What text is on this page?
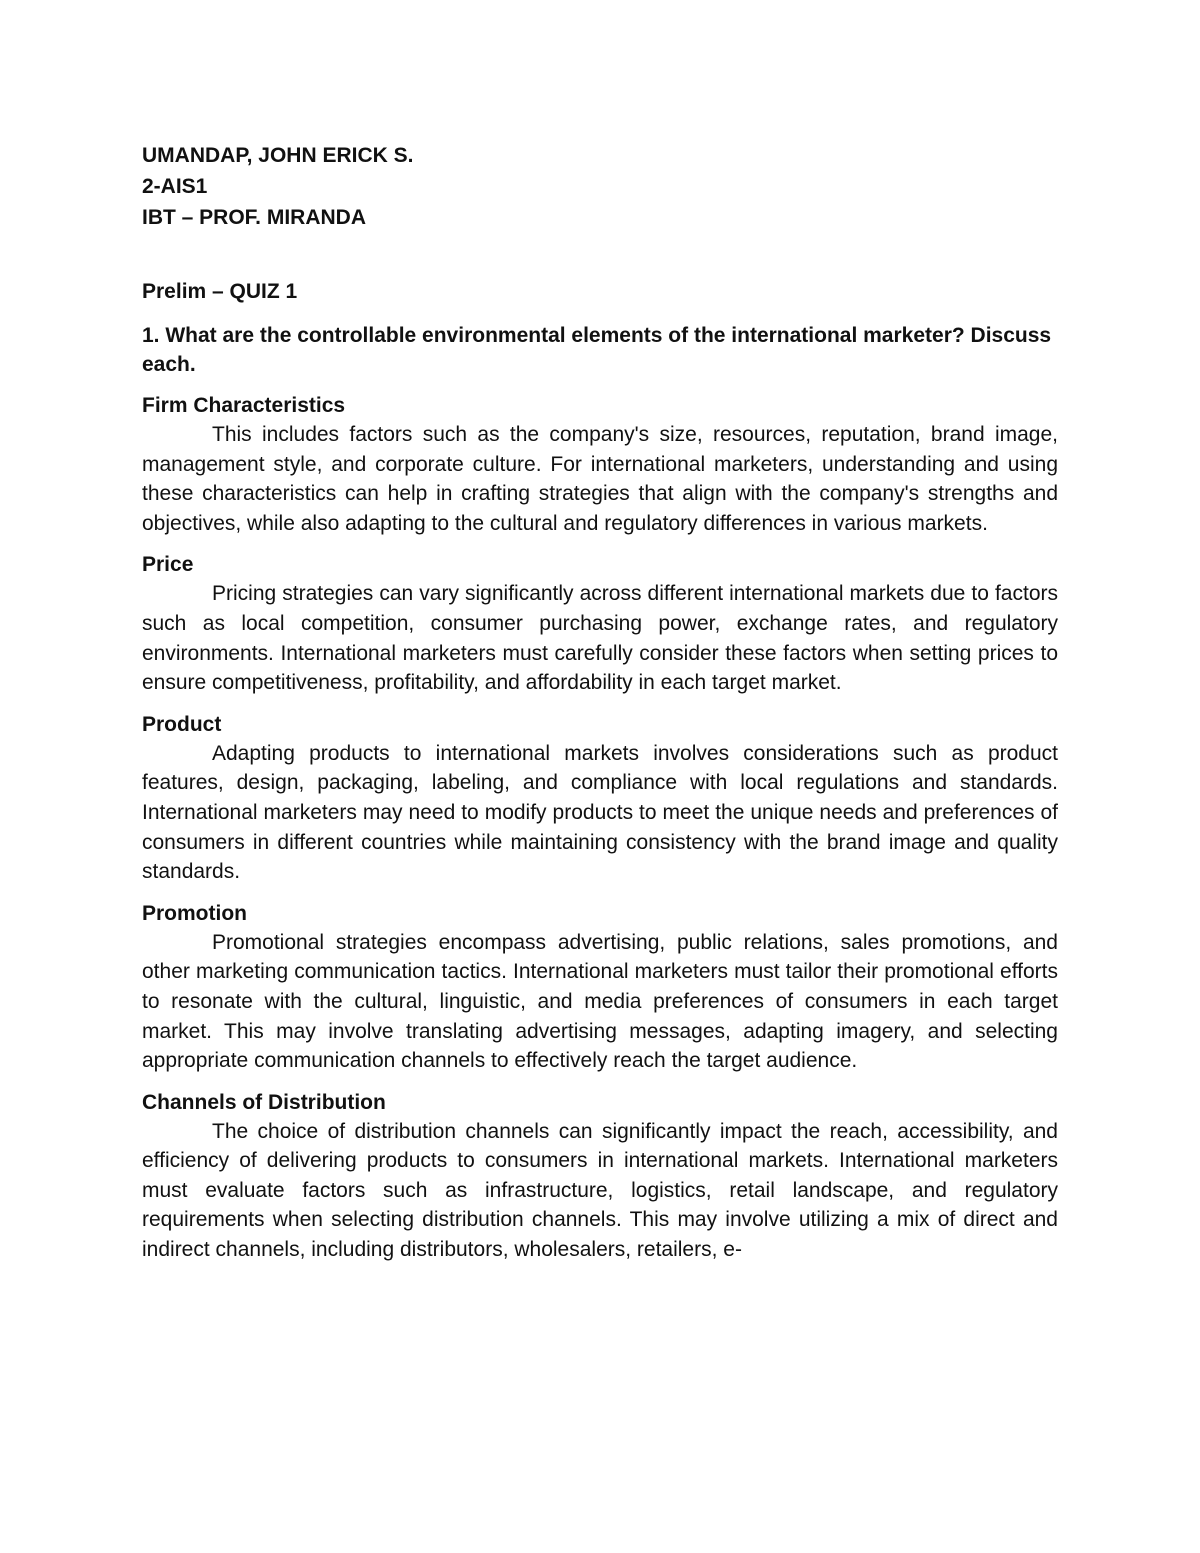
UMANDAP, JOHN ERICK S.

2-AIS1

IBT – PROF. MIRANDA

Prelim – QUIZ 1

1. What are the controllable environmental elements of the international marketer? Discuss each.

Firm Characteristics

This includes factors such as the company's size, resources, reputation, brand image, management style, and corporate culture. For international marketers, understanding and using these characteristics can help in crafting strategies that align with the company's strengths and objectives, while also adapting to the cultural and regulatory differences in various markets.

Price

Pricing strategies can vary significantly across different international markets due to factors such as local competition, consumer purchasing power, exchange rates, and regulatory environments. International marketers must carefully consider these factors when setting prices to ensure competitiveness, profitability, and affordability in each target market.

Product

Adapting products to international markets involves considerations such as product features, design, packaging, labeling, and compliance with local regulations and standards. International marketers may need to modify products to meet the unique needs and preferences of consumers in different countries while maintaining consistency with the brand image and quality standards.

Promotion

Promotional strategies encompass advertising, public relations, sales promotions, and other marketing communication tactics. International marketers must tailor their promotional efforts to resonate with the cultural, linguistic, and media preferences of consumers in each target market. This may involve translating advertising messages, adapting imagery, and selecting appropriate communication channels to effectively reach the target audience.

Channels of Distribution

The choice of distribution channels can significantly impact the reach, accessibility, and efficiency of delivering products to consumers in international markets. International marketers must evaluate factors such as infrastructure, logistics, retail landscape, and regulatory requirements when selecting distribution channels. This may involve utilizing a mix of direct and indirect channels, including distributors, wholesalers, retailers, e-
